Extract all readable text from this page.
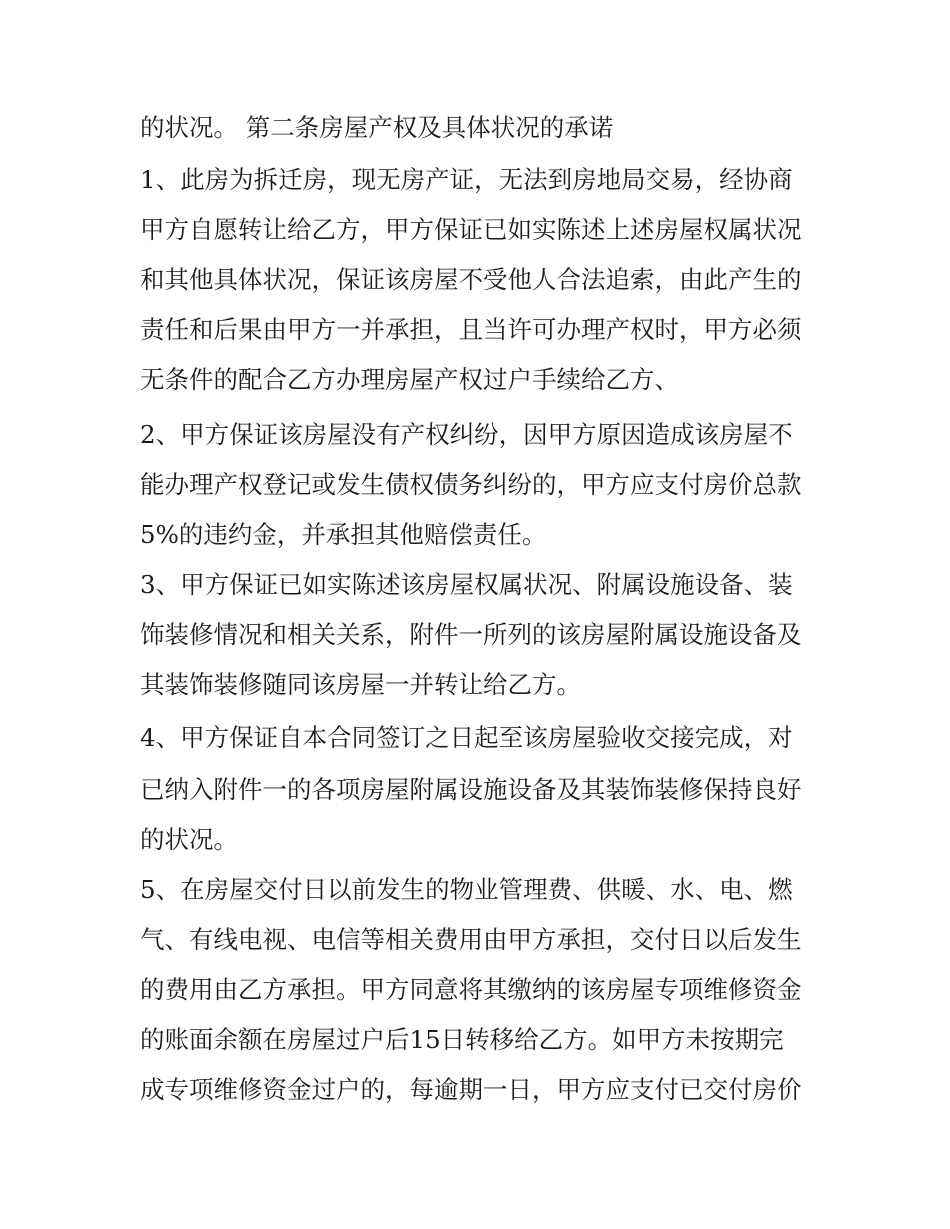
的状况。 第二条房屋产权及具体状况的承诺
1、此房为拆迁房，现无房产证，无法到房地局交易，经协商
甲方自愿转让给乙方，甲方保证已如实陈述上述房屋权属状况
和其他具体状况，保证该房屋不受他人合法追索，由此产生的
责任和后果由甲方一并承担，且当许可办理产权时，甲方必须
无条件的配合乙方办理房屋产权过户手续给乙方、
2、甲方保证该房屋没有产权纠纷，因甲方原因造成该房屋不
能办理产权登记或发生债权债务纠纷的，甲方应支付房价总款
5%的违约金，并承担其他赔偿责任。
3、甲方保证已如实陈述该房屋权属状况、附属设施设备、装
饰装修情况和相关关系，附件一所列的该房屋附属设施设备及
其装饰装修随同该房屋一并转让给乙方。
4、甲方保证自本合同签订之日起至该房屋验收交接完成，对
已纳入附件一的各项房屋附属设施设备及其装饰装修保持良好
的状况。
5、在房屋交付日以前发生的物业管理费、供暖、水、电、燃
气、有线电视、电信等相关费用由甲方承担，交付日以后发生
的费用由乙方承担。甲方同意将其缴纳的该房屋专项维修资金
的账面余额在房屋过户后15日转移给乙方。如甲方未按期完
成专项维修资金过户的，每逾期一日，甲方应支付已交付房价
